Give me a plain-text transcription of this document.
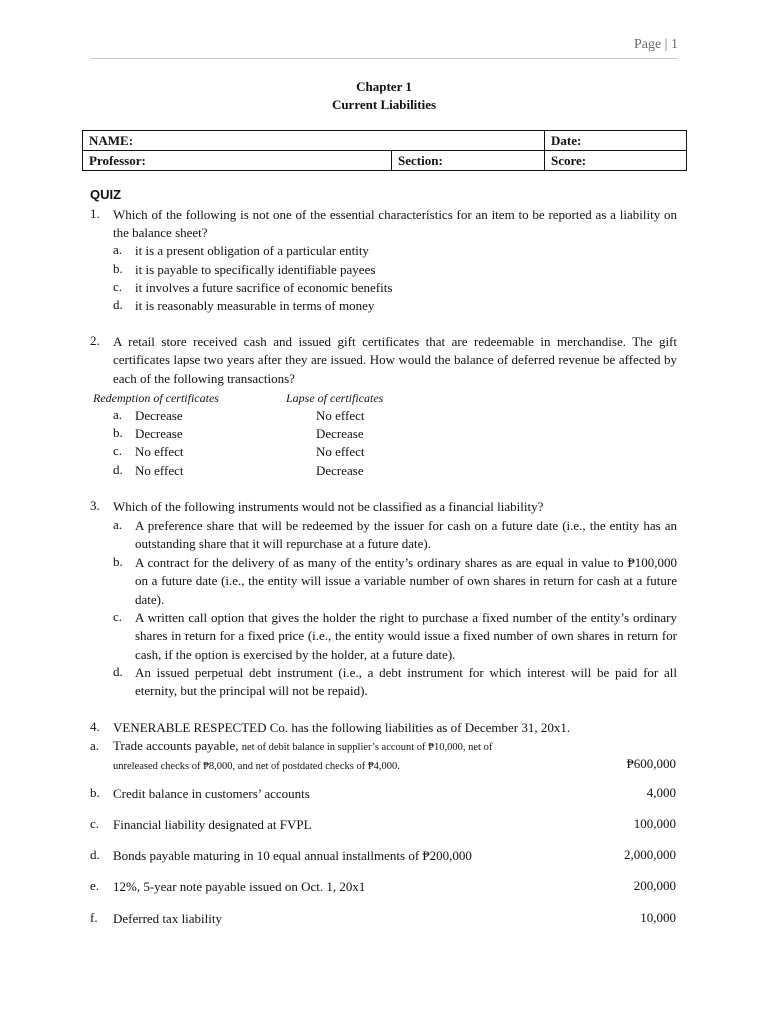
Page | 1
Chapter 1
Current Liabilities
NAME:		Date:
Professor:	Section:	Score:
QUIZ
1. Which of the following is not one of the essential characteristics for an item to be reported as a liability on the balance sheet?
a. it is a present obligation of a particular entity
b. it is payable to specifically identifiable payees
c. it involves a future sacrifice of economic benefits
d. it is reasonably measurable in terms of money
2. A retail store received cash and issued gift certificates that are redeemable in merchandise. The gift certificates lapse two years after they are issued. How would the balance of deferred revenue be affected by each of the following transactions?
Redemption of certificates	Lapse of certificates
a. Decrease	No effect
b. Decrease	Decrease
c. No effect	No effect
d. No effect	Decrease
3. Which of the following instruments would not be classified as a financial liability?
a. A preference share that will be redeemed by the issuer for cash on a future date (i.e., the entity has an outstanding share that it will repurchase at a future date).
b. A contract for the delivery of as many of the entity’s ordinary shares as are equal in value to ₱100,000 on a future date (i.e., the entity will issue a variable number of own shares in return for cash at a future date).
c. A written call option that gives the holder the right to purchase a fixed number of the entity’s ordinary shares in return for a fixed price (i.e., the entity would issue a fixed number of own shares in return for cash, if the option is exercised by the holder, at a future date).
d. An issued perpetual debt instrument (i.e., a debt instrument for which interest will be paid for all eternity, but the principal will not be repaid).
4. VENERABLE RESPECTED Co. has the following liabilities as of December 31, 20x1.
a. Trade accounts payable, net of debit balance in supplier’s account of ₱10,000, net of
unreleased checks of ₱8,000, and net of postdated checks of ₱4,000.	₱600,000
b. Credit balance in customers’ accounts	4,000
c. Financial liability designated at FVPL	100,000
d. Bonds payable maturing in 10 equal annual installments of ₱200,000	2,000,000
e. 12%, 5-year note payable issued on Oct. 1, 20x1	200,000
f. Deferred tax liability	10,000
